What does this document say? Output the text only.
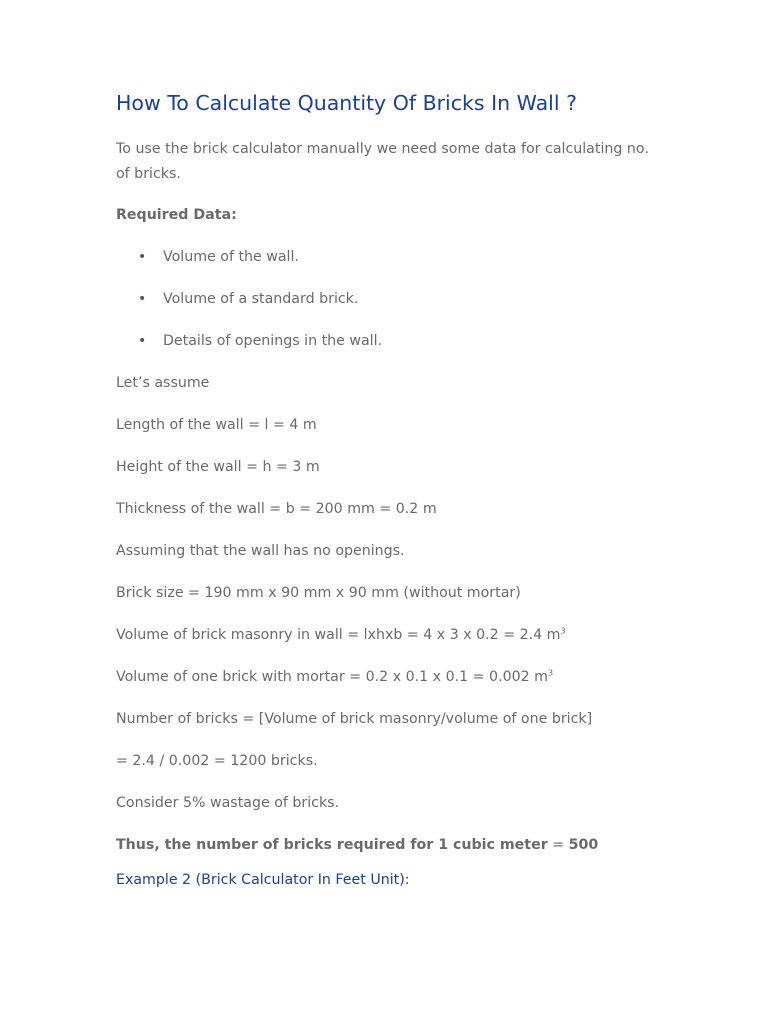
How To Calculate Quantity Of Bricks In Wall ?

To use the brick calculator manually we need some data for calculating no. of bricks.

Required Data:

• Volume of the wall.
• Volume of a standard brick.
• Details of openings in the wall.

Let’s assume

Length of the wall = l = 4 m

Height of the wall = h = 3 m

Thickness of the wall = b = 200 mm = 0.2 m

Assuming that the wall has no openings.

Brick size = 190 mm x 90 mm x 90 mm (without mortar)

Volume of brick masonry in wall = lxhxb = 4 x 3 x 0.2 = 2.4 $m^3$

Volume of one brick with mortar = 0.2 x 0.1 x 0.1 = 0.002 $m^3$

Number of bricks = [Volume of brick masonry/volume of one brick]

= 2.4 / 0.002 = 1200 bricks.

Consider 5% wastage of bricks.

Thus, the number of bricks required for 1 cubic meter = 500

Example 2 (Brick Calculator In Feet Unit):
